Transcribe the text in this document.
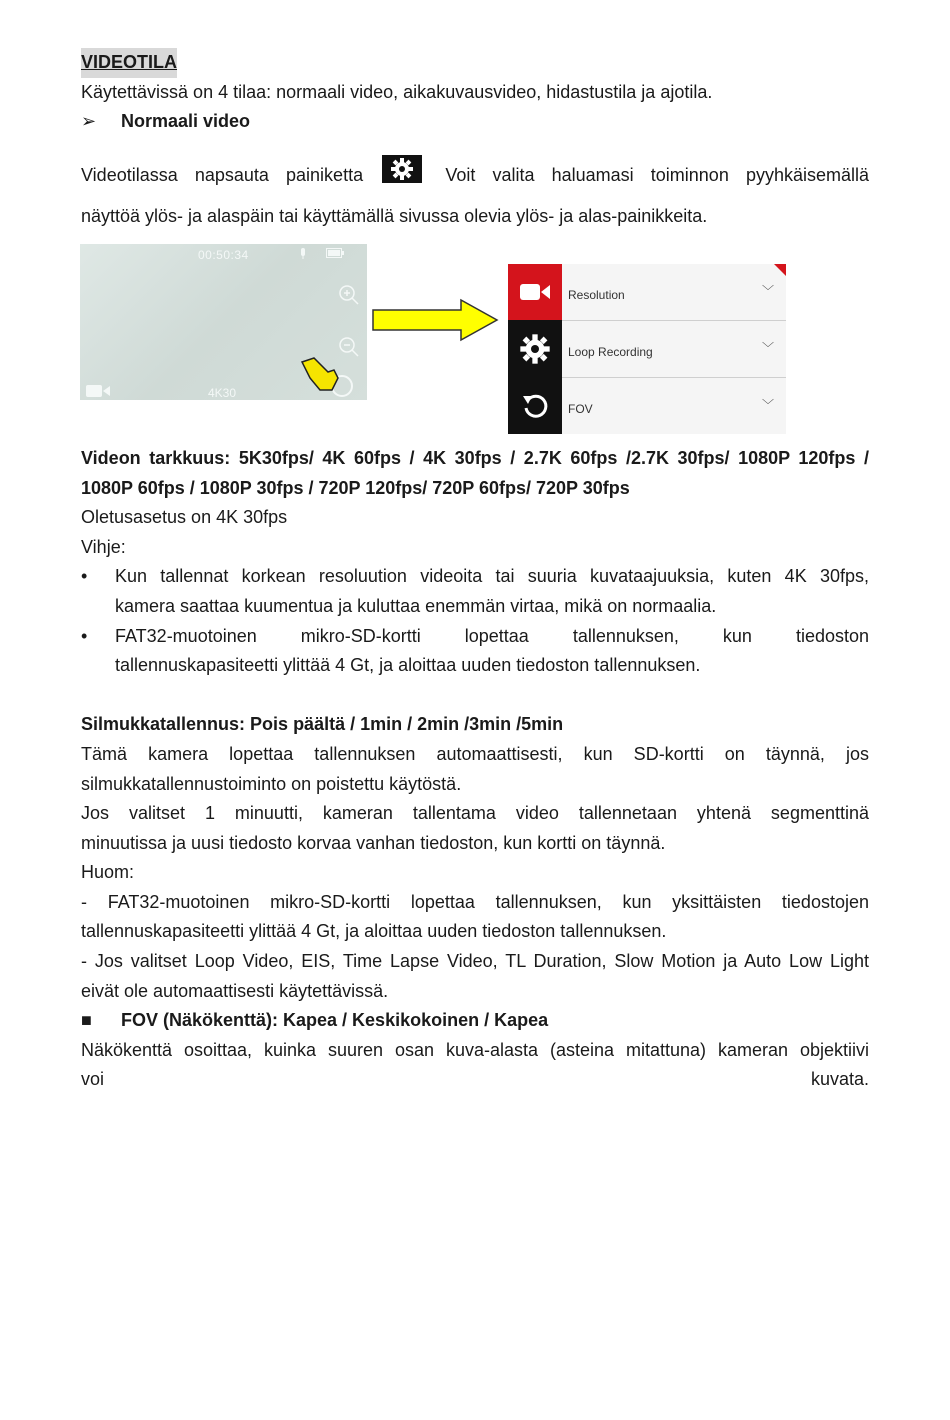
VIDEOTILA
Käytettävissä on 4 tilaa: normaali video, aikakuvausvideo, hidastustila ja ajotila.
➢	Normaali video
Videotilassa napsauta painiketta	Voit valita haluamasi toiminnon pyyhkäisemällä
näyttöä ylös- ja alaspäin tai käyttämällä sivussa olevia ylös- ja alas-painikkeita.
00:50:34
4K30
Resolution	﹀
Loop Recording	﹀
FOV	﹀
Videon tarkkuus: 5K30fps/ 4K 60fps / 4K 30fps / 2.7K 60fps /2.7K 30fps/ 1080P 120fps /
1080P 60fps / 1080P 30fps / 720P 120fps/ 720P 60fps/ 720P 30fps
Oletusasetus on 4K 30fps
Vihje:
•	Kun tallennat korkean resoluution videoita tai suuria kuvataajuuksia, kuten 4K 30fps,
kamera saattaa kuumentua ja kuluttaa enemmän virtaa, mikä on normaalia.
•	FAT32-muotoinen mikro-SD-kortti lopettaa tallennuksen, kun tiedoston
tallennuskapasiteetti ylittää 4 Gt, ja aloittaa uuden tiedoston tallennuksen.
Silmukkatallennus: Pois päältä / 1min / 2min /3min /5min
Tämä kamera lopettaa tallennuksen automaattisesti, kun SD-kortti on täynnä, jos
silmukkatallennustoiminto on poistettu käytöstä.
Jos valitset 1 minuutti, kameran tallentama video tallennetaan yhtenä segmenttinä
minuutissa ja uusi tiedosto korvaa vanhan tiedoston, kun kortti on täynnä.
Huom:
- FAT32-muotoinen mikro-SD-kortti lopettaa tallennuksen, kun yksittäisten tiedostojen
tallennuskapasiteetti ylittää 4 Gt, ja aloittaa uuden tiedoston tallennuksen.
- Jos valitset Loop Video, EIS, Time Lapse Video, TL Duration, Slow Motion ja Auto Low Light
eivät ole automaattisesti käytettävissä.
■	FOV (Näkökenttä): Kapea / Keskikokoinen / Kapea
Näkökenttä osoittaa, kuinka suuren osan kuva-alasta (asteina mitattuna) kameran objektiivi
voi	kuvata.
